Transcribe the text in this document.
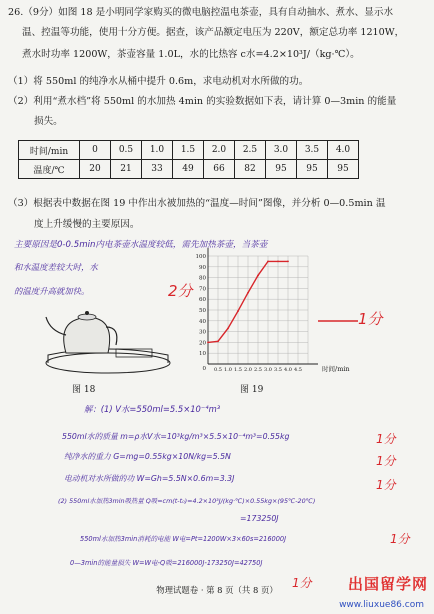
26.（9分）如图 18 是小明同学家购买的微电脑控温电茶壶，具有自动抽水、煮水、显示水
温、控温等功能，使用十分方便。据查，该产品额定电压为 220V，额定总功率 1210W，
煮水时功率 1200W，茶壶容量 1.0L，水的比热容 c水=4.2×10³J/（kg·℃）。
（1）将 550ml 的纯净水从桶中提升 0.6m，求电动机对水所做的功。
（2）利用“煮水档”将 550ml 的水加热 4min 的实验数据如下表，请计算 0—3min 的能量
损失。
时间/min	0	0.5	1.0	1.5	2.0	2.5	3.0	3.5	4.0
温度/℃	20	21	33	49	66	82	95	95	95
（3）根据表中数据在图 19 中作出水被加热的“温度—时间”图像，并分析 0—0.5min 温
度上升缓慢的主要原因。
主要原因是0-0.5min内电茶壶水温度较低，需先加热茶壶，当茶壶
和水温度差较大时，水
的温度升高就加快。	2分
1分
图 18
100
90
80
70
60
50
40
30
20
10
0 0.5 1.0 1.5 2.0 2.5 3.0 3.5 4.0 4.5	时间/min
图 19
解：(1) V水=550ml=5.5×10⁻⁴m³
550ml水的质量 m=ρ水V水=10³kg/m³×5.5×10⁻⁴m³=0.55kg
纯净水的重力 G=mg=0.55kg×10N/kg=5.5N
电动机对水所做的功 W=Gh=5.5N×0.6m=3.3J
(2) 550ml水加热3min吸热量 Q吸=cm(t-t₀)=4.2×10³J/(kg·℃)×0.55kg×(95℃-20℃)
=173250J
550ml水加热3min消耗的电能 W电=Pt=1200W×3×60s=216000J
0—3min的能量损失 W=W电-Q吸=216000J-173250J=42750J
1分
1分
1分
1分
1分
物理试题卷 · 第 8 页（共 8 页）	出国留学网
www.liuxue86.com
